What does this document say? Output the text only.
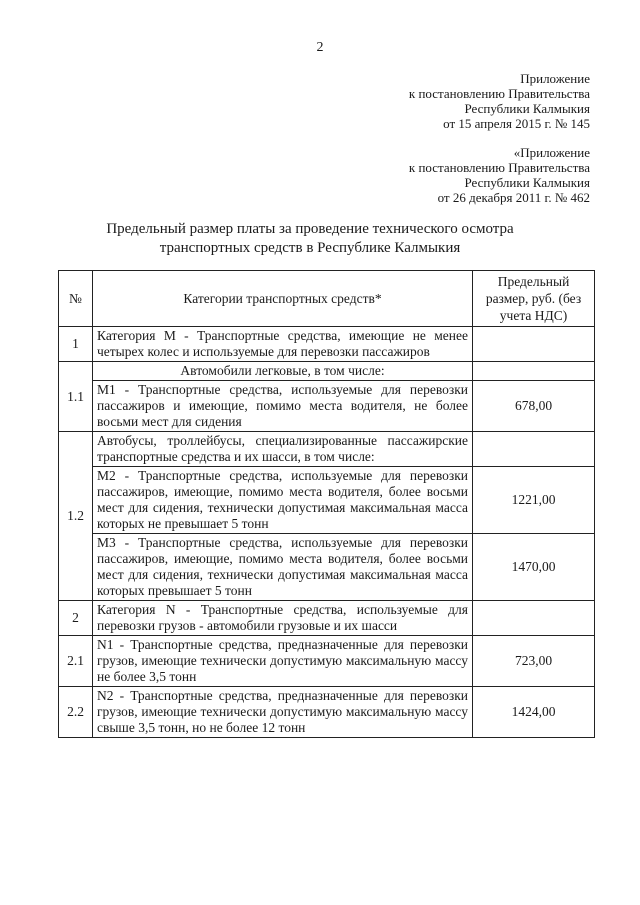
2
Приложение
к постановлению Правительства
Республики Калмыкия
от 15 апреля 2015 г. № 145
«Приложение
к постановлению Правительства
Республики Калмыкия
от 26 декабря 2011 г. № 462
Предельный размер платы за проведение технического осмотра
транспортных средств в Республике Калмыкия
№	Категории транспортных средств*	Предельный размер, руб. (без учета НДС)
1	Категория М - Транспортные средства, имеющие не менее четырех колес и используемые для перевозки пассажиров	
1.1	Автомобили легковые, в том числе:	
	М1 - Транспортные средства, используемые для перевозки пассажиров и имеющие, помимо места водителя, не более восьми мест для сидения	678,00
1.2	Автобусы, троллейбусы, специализированные пассажирские транспортные средства и их шасси, в том числе:	
	М2 - Транспортные средства, используемые для перевозки пассажиров, имеющие, помимо места водителя, более восьми мест для сидения, технически допустимая максимальная масса которых не превышает 5 тонн	1221,00
	М3 - Транспортные средства, используемые для перевозки пассажиров, имеющие, помимо места водителя, более восьми мест для сидения, технически допустимая максимальная масса которых превышает 5 тонн	1470,00
2	Категория N - Транспортные средства, используемые для перевозки грузов - автомобили грузовые и их шасси	
2.1	N1 - Транспортные средства, предназначенные для перевозки грузов, имеющие технически допустимую максимальную массу не более 3,5 тонн	723,00
2.2	N2 - Транспортные средства, предназначенные для перевозки грузов, имеющие технически допустимую максимальную массу свыше 3,5 тонн, но не более 12 тонн	1424,00
